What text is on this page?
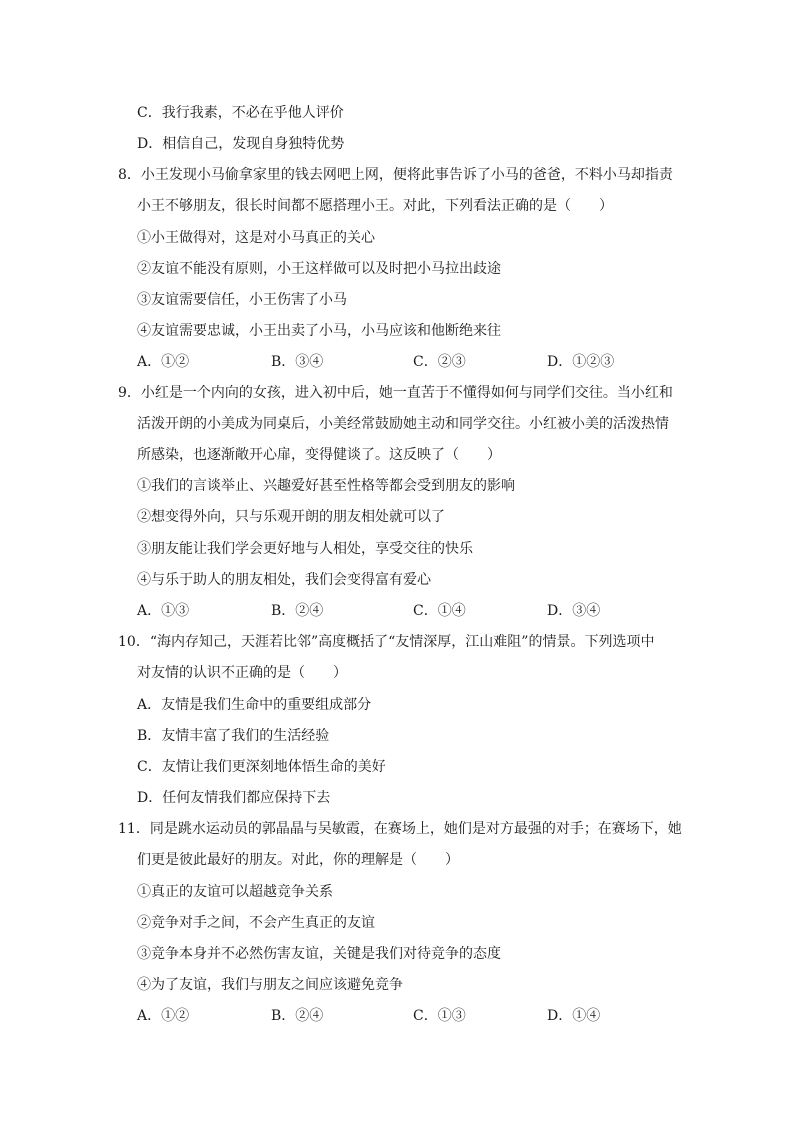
C．我行我素，不必在乎他人评价
D．相信自己，发现自身独特优势
8．小王发现小马偷拿家里的钱去网吧上网，便将此事告诉了小马的爸爸，不料小马却指责
小王不够朋友，很长时间都不愿搭理小王。对此，下列看法正确的是（　　）
①小王做得对，这是对小马真正的关心
②友谊不能没有原则，小王这样做可以及时把小马拉出歧途
③友谊需要信任，小王伤害了小马
④友谊需要忠诚，小王出卖了小马，小马应该和他断绝来往
A．①②	B．③④	C．②③	D．①②③
9．小红是一个内向的女孩，进入初中后，她一直苦于不懂得如何与同学们交往。当小红和
活泼开朗的小美成为同桌后，小美经常鼓励她主动和同学交往。小红被小美的活泼热情
所感染，也逐渐敞开心扉，变得健谈了。这反映了（　　）
①我们的言谈举止、兴趣爱好甚至性格等都会受到朋友的影响
②想变得外向，只与乐观开朗的朋友相处就可以了
③朋友能让我们学会更好地与人相处，享受交往的快乐
④与乐于助人的朋友相处，我们会变得富有爱心
A．①③	B．②④	C．①④	D．③④
10．“海内存知己，天涯若比邻”高度概括了“友情深厚，江山难阻”的情景。下列选项中
对友情的认识不正确的是（　　）
A．友情是我们生命中的重要组成部分
B．友情丰富了我们的生活经验
C．友情让我们更深刻地体悟生命的美好
D．任何友情我们都应保持下去
11．同是跳水运动员的郭晶晶与吴敏霞，在赛场上，她们是对方最强的对手；在赛场下，她
们更是彼此最好的朋友。对此，你的理解是（　　）
①真正的友谊可以超越竞争关系
②竞争对手之间，不会产生真正的友谊
③竞争本身并不必然伤害友谊，关键是我们对待竞争的态度
④为了友谊，我们与朋友之间应该避免竞争
A．①②	B．②④	C．①③	D．①④
